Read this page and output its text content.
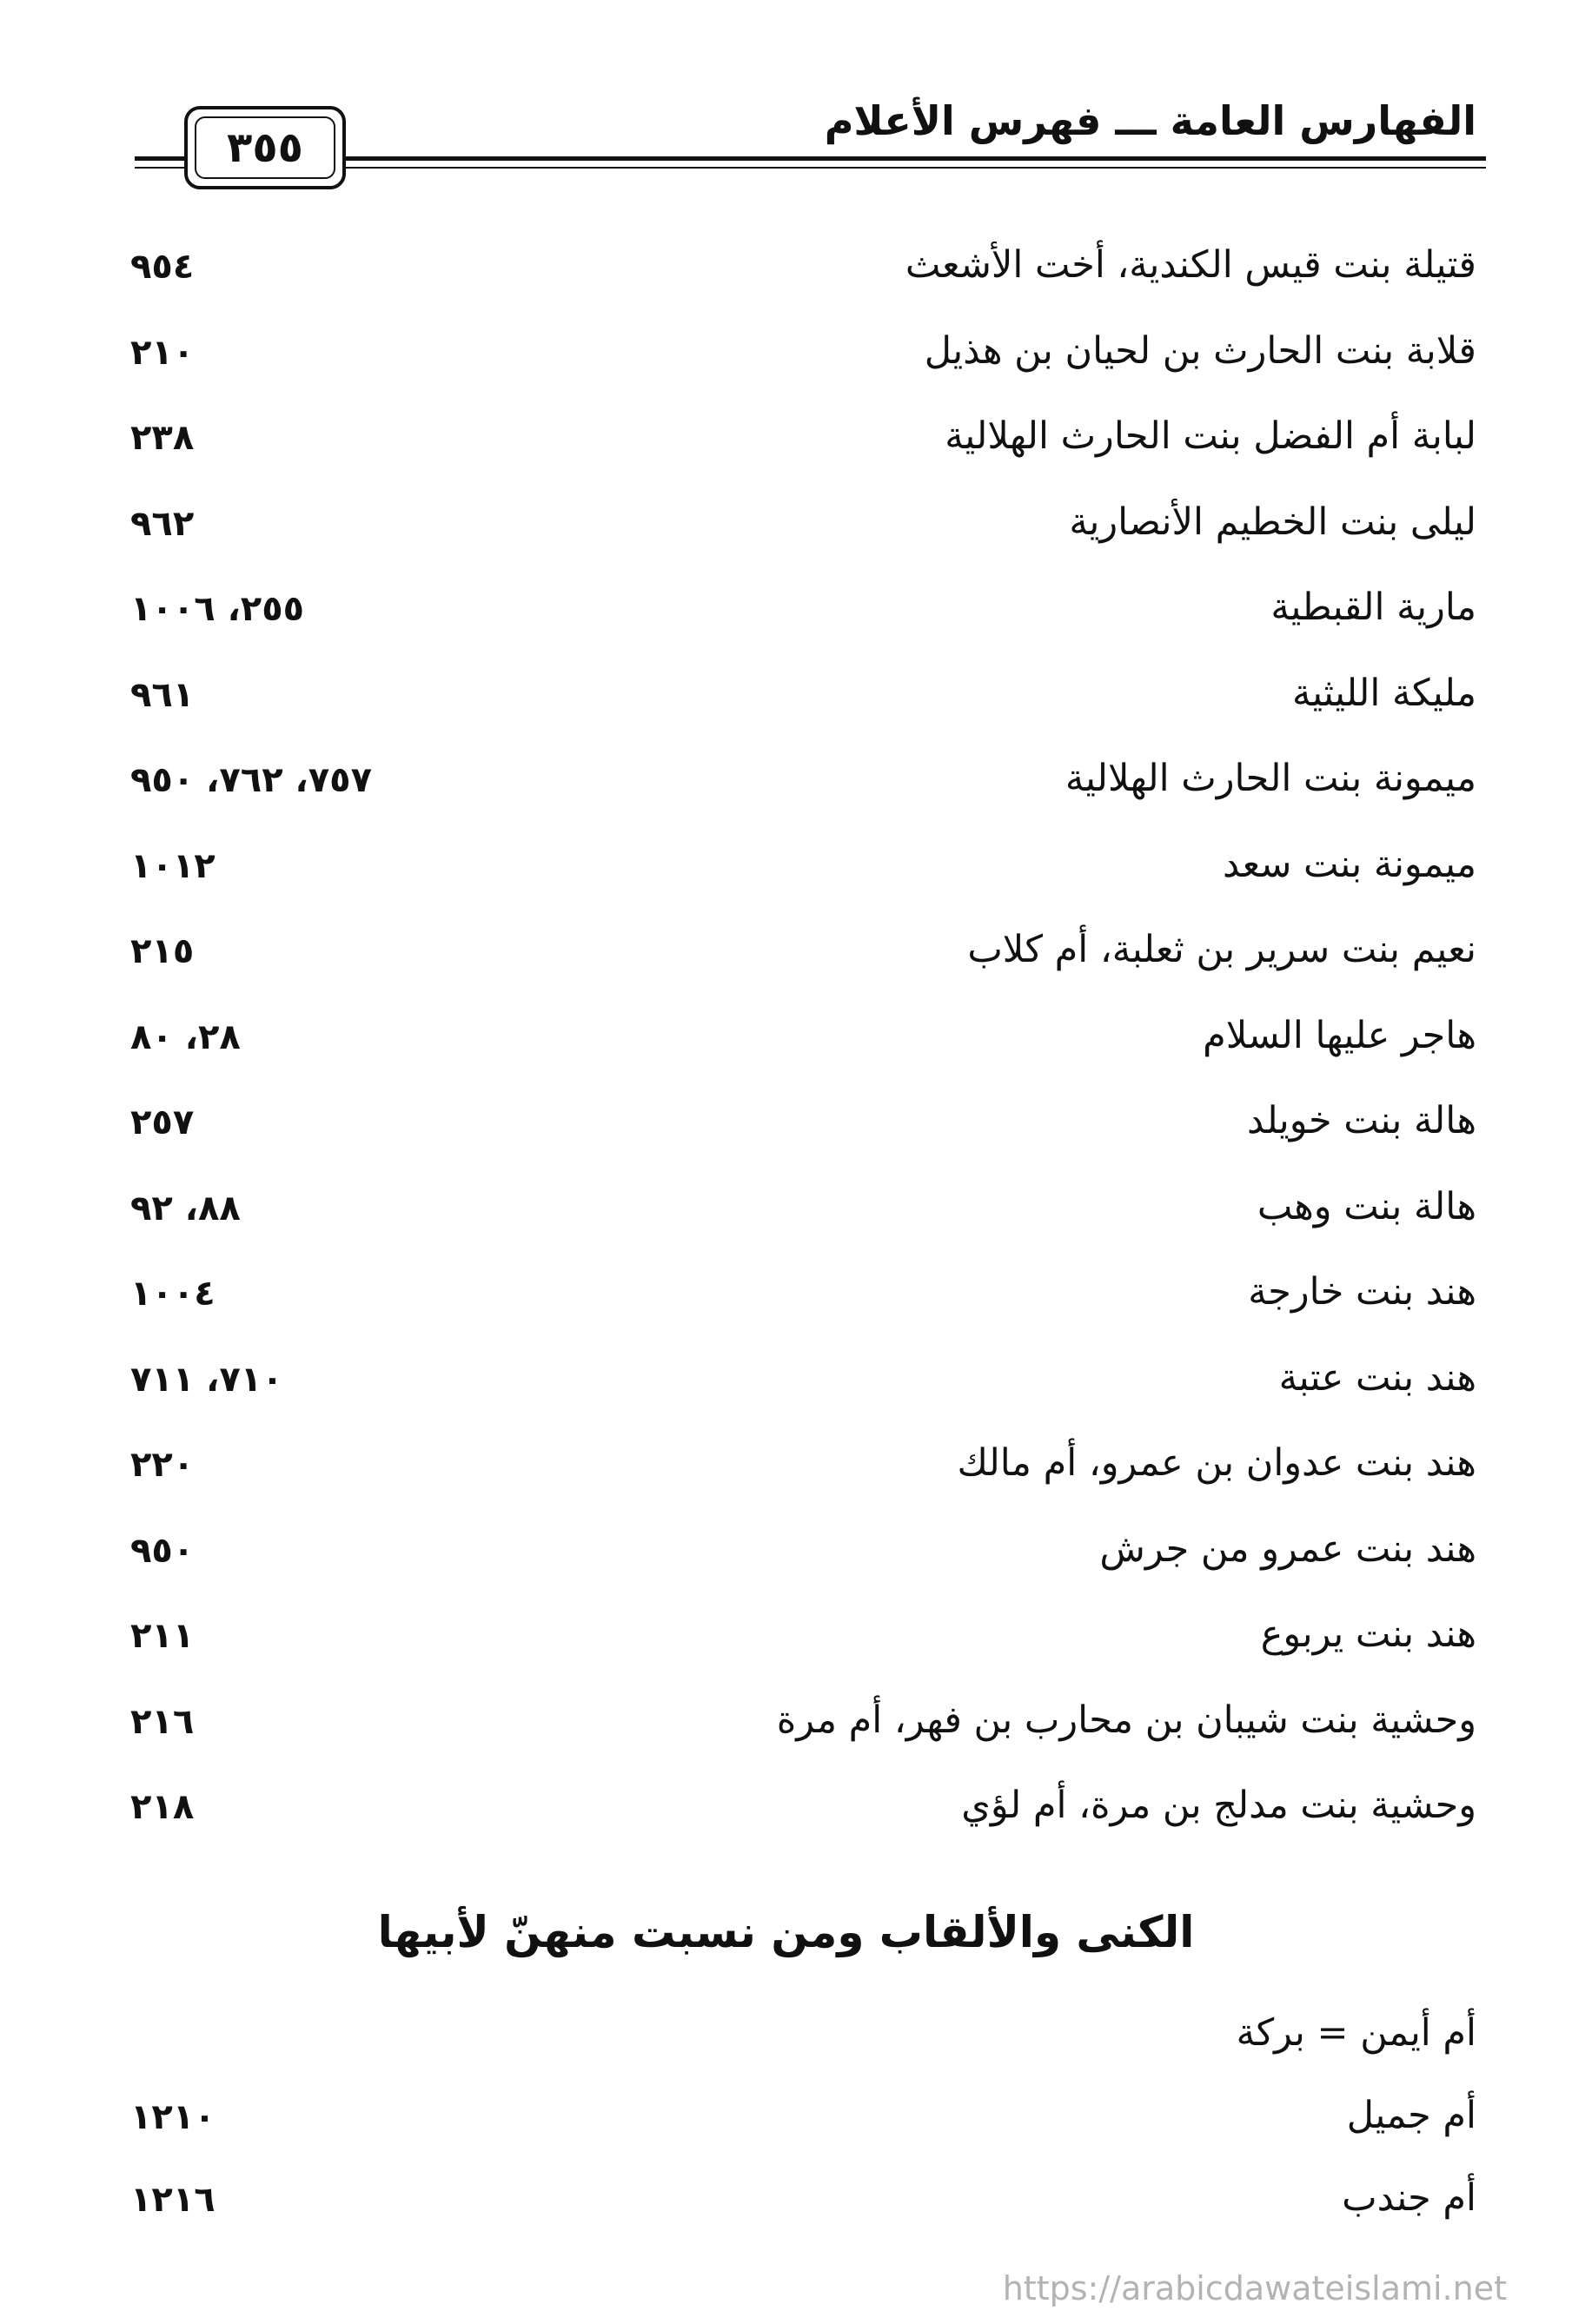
الفهارس العامة ـــ فهرس الأعلام
٣٥٥
قتيلة بنت قيس الكندية، أخت الأشعث
٩٥٤
قلابة بنت الحارث بن لحيان بن هذيل
٢١٠
لبابة أم الفضل بنت الحارث الهلالية
٢٣٨
ليلى بنت الخطيم الأنصارية
٩٦٢
مارية القبطية
٢٥٥، ١٠٠٦
مليكة الليثية
٩٦١
ميمونة بنت الحارث الهلالية
٧٥٧، ٧٦٢، ٩٥٠
ميمونة بنت سعد
١٠١٢
نعيم بنت سرير بن ثعلبة، أم كلاب
٢١٥
هاجر عليها السلام
٢٨، ٨٠
هالة بنت خويلد
٢٥٧
هالة بنت وهب
٨٨، ٩٢
هند بنت خارجة
١٠٠٤
هند بنت عتبة
٧١٠، ٧١١
هند بنت عدوان بن عمرو، أم مالك
٢٢٠
هند بنت عمرو من جرش
٩٥٠
هند بنت يربوع
٢١١
وحشية بنت شيبان بن محارب بن فهر، أم مرة
٢١٦
وحشية بنت مدلج بن مرة، أم لؤي
٢١٨
الكنى والألقاب ومن نسبت منهنّ لأبيها
أم أيمن = بركة
أم جميل
١٢١٠
أم جندب
١٢١٦
https://arabicdawateislami.net
